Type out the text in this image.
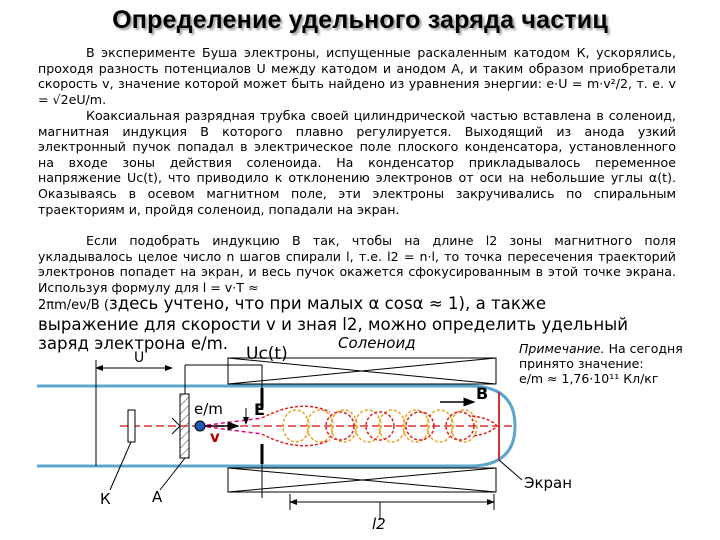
Определение удельного заряда частиц
В эксперименте Буша электроны, испущенные раскаленным катодом К, ускорялись, проходя разность потенциалов U между катодом и анодом А, и таким образом приобретали скорость v, значение которой может быть найдено из уравнения энергии: e·U = m·v²/2, т. е. v = √2eU/m.
Коаксиальная разрядная трубка своей цилиндрической частью вставлена в соленоид, магнитная индукция B которого плавно регулируется. Выходящий из анода узкий электронный пучок попадал в электрическое поле плоского конденсатора, установленного на входе зоны действия соленоида. На конденсатор прикладывалось переменное напряжение Uc(t), что приводило к отклонению электронов от оси на небольшие углы α(t). Оказываясь в осевом магнитном поле, эти электроны закручивались по спиральным траекториям и, пройдя соленоид, попадали на экран.
Если подобрать индукцию B так, чтобы на длине l2 зоны магнитного поля укладывалось целое число n шагов спирали l, т.е. l2 = n·l, то точка пересечения траекторий электронов попадет на экран, и весь пучок окажется сфокусированным в этой точке экрана. Используя формулу для l = v·T ≈
2πm/eν/B (здесь учтено, что при малых α cosα ≈ 1), а также
выражение для скорости v и зная l2, можно определить удельный
заряд электрона e/m.	Примечание. На сегодня принято значение:
e/m ≈ 1,76·10¹¹ Кл/кг
Соленоид
Uc(t)
e/m
v
E
B
U
К	А
Экран
l2
